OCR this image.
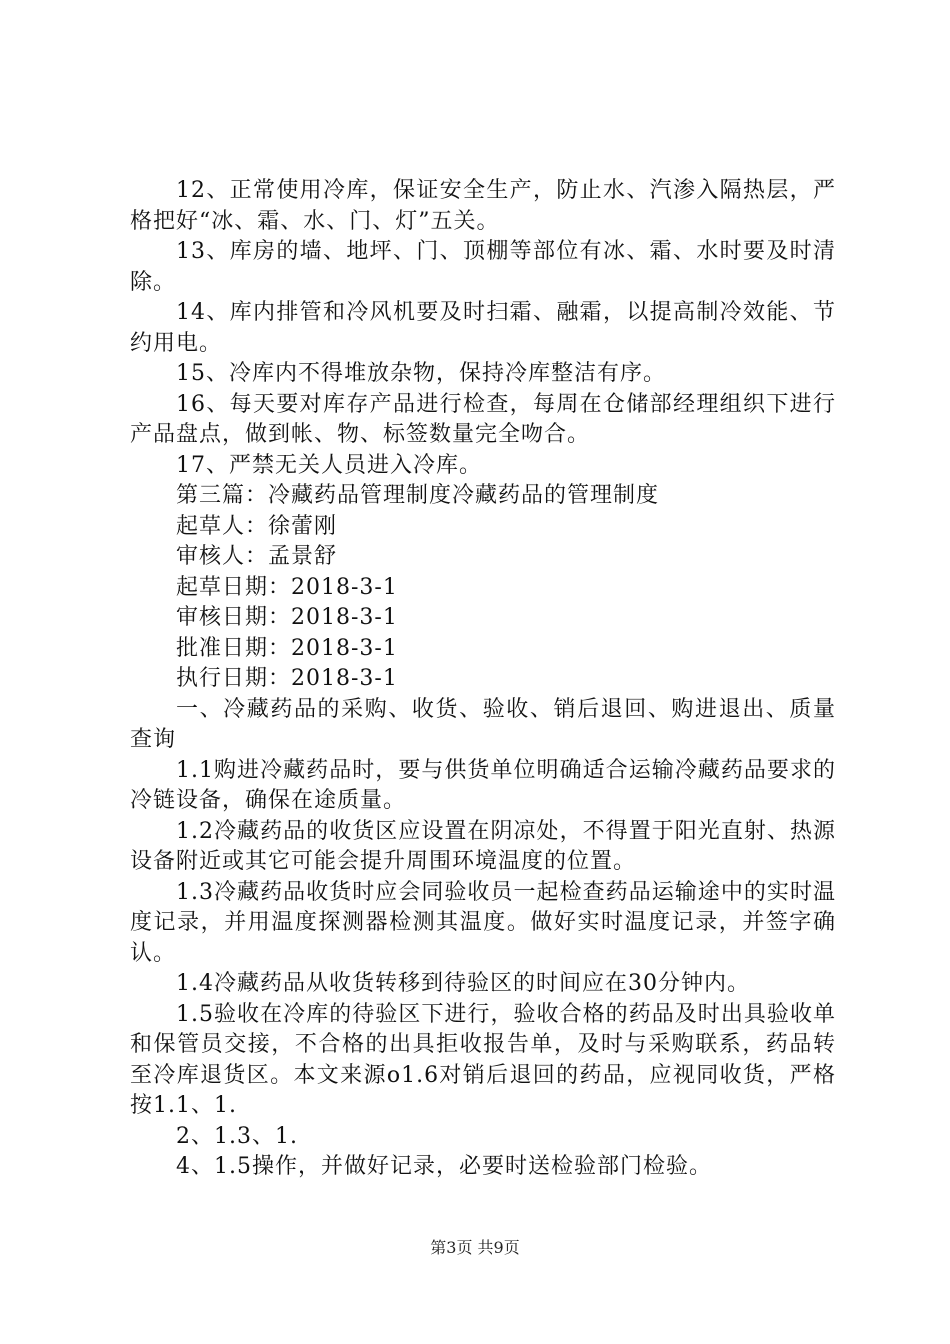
12、正常使用冷库，保证安全生产，防止水、汽渗入隔热层，严格把好“冰、霜、水、门、灯”五关。

13、库房的墙、地坪、门、顶棚等部位有冰、霜、水时要及时清除。

14、库内排管和冷风机要及时扫霜、融霜，以提高制冷效能、节约用电。

15、冷库内不得堆放杂物，保持冷库整洁有序。

16、每天要对库存产品进行检查，每周在仓储部经理组织下进行产品盘点，做到帐、物、标签数量完全吻合。

17、严禁无关人员进入冷库。

第三篇：冷藏药品管理制度冷藏药品的管理制度

起草人：徐蕾刚

审核人：孟景舒

起草日期：2018-3-1

审核日期：2018-3-1

批准日期：2018-3-1

执行日期：2018-3-1

一、冷藏药品的采购、收货、验收、销后退回、购进退出、质量查询

1.1购进冷藏药品时，要与供货单位明确适合运输冷藏药品要求的冷链设备，确保在途质量。

1.2冷藏药品的收货区应设置在阴凉处，不得置于阳光直射、热源设备附近或其它可能会提升周围环境温度的位置。

1.3冷藏药品收货时应会同验收员一起检查药品运输途中的实时温度记录，并用温度探测器检测其温度。做好实时温度记录，并签字确认。

1.4冷藏药品从收货转移到待验区的时间应在30分钟内。

1.5验收在冷库的待验区下进行，验收合格的药品及时出具验收单和保管员交接，不合格的出具拒收报告单，及时与采购联系，药品转至冷库退货区。本文来源o1.6对销后退回的药品，应视同收货，严格按1.1、1.

2、1.3、1.

4、1.5操作，并做好记录，必要时送检验部门检验。

第3页 共9页
